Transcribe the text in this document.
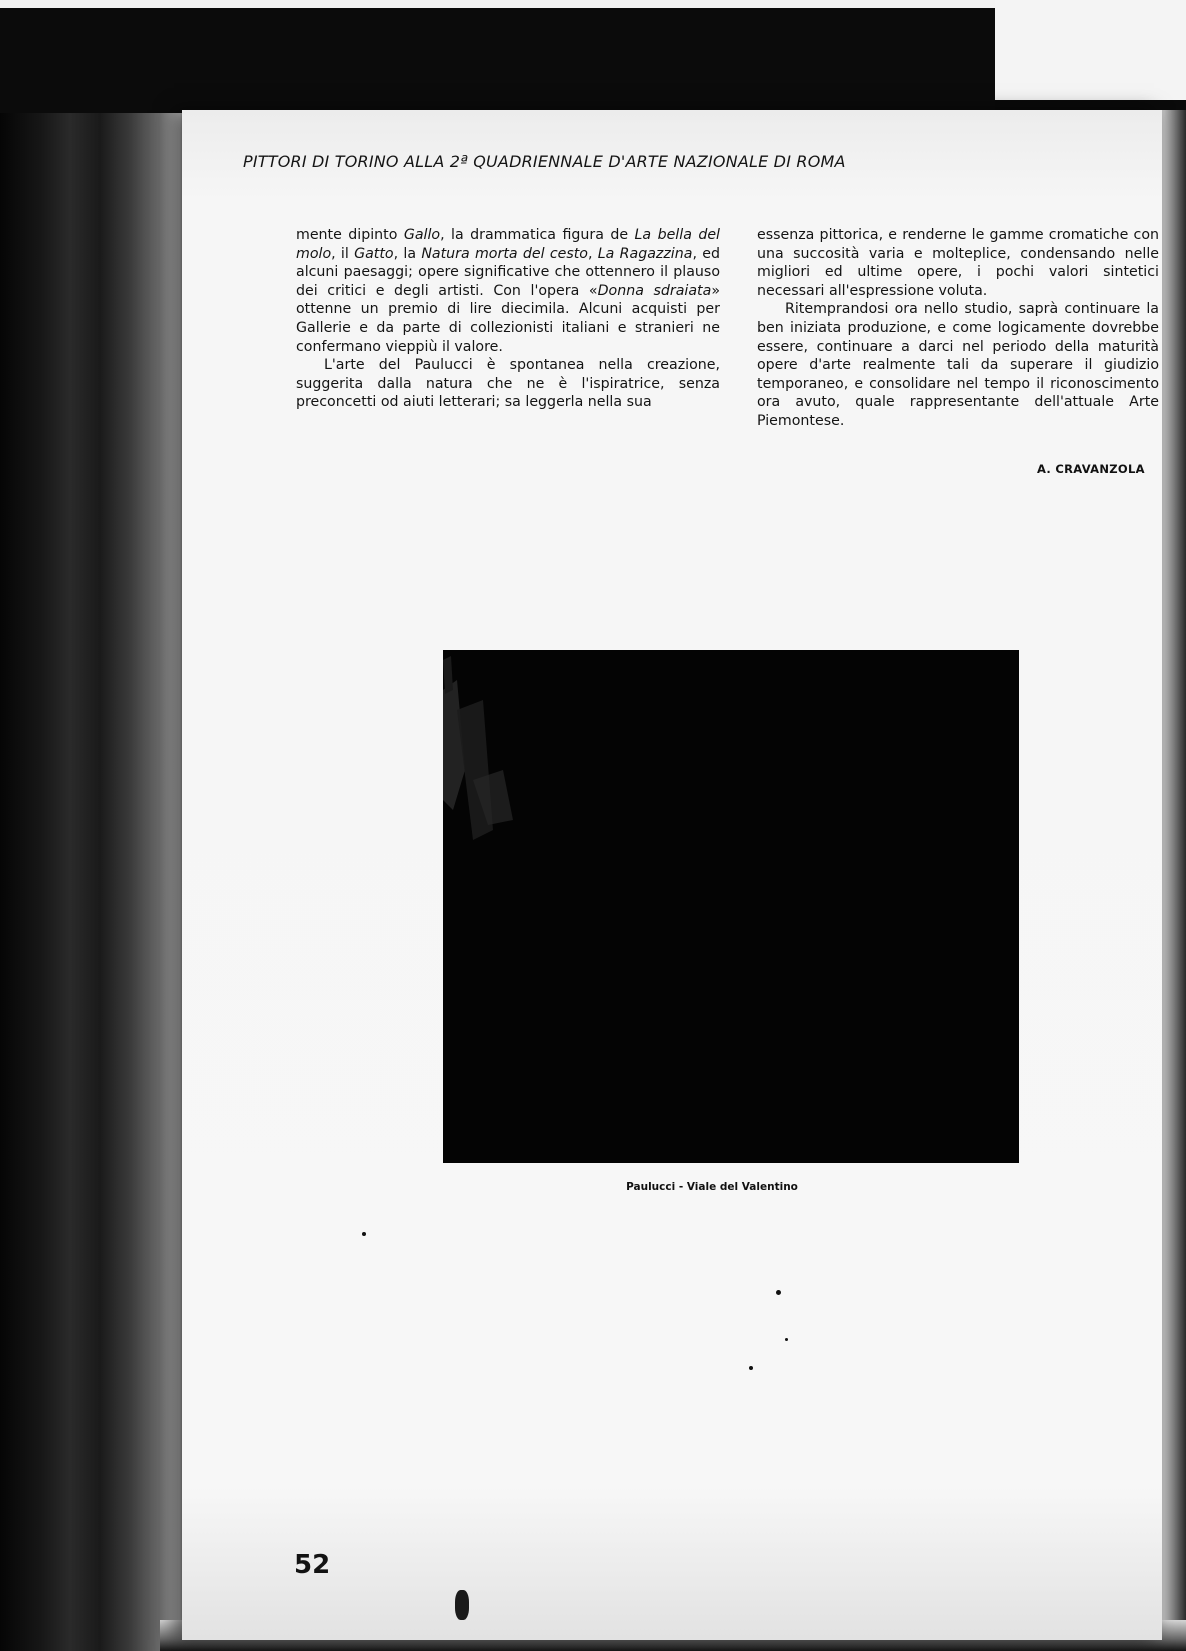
PITTORI DI TORINO ALLA 2ª QUADRIENNALE D'ARTE NAZIONALE DI ROMA

mente dipinto Gallo, la drammatica figura de La bella del molo, il Gatto, la Natura morta del cesto, La Ragazzina, ed alcuni paesaggi; opere significative che ottennero il plauso dei critici e degli artisti. Con l'opera «Donna sdraiata» ottenne un premio di lire diecimila. Alcuni acquisti per Gallerie e da parte di collezionisti italiani e stranieri ne confermano vieppiù il valore.

L'arte del Paulucci è spontanea nella creazione, suggerita dalla natura che ne è l'ispiratrice, senza preconcetti od aiuti letterari; sa leggerla nella sua

essenza pittorica, e renderne le gamme cromatiche con una succosità varia e molteplice, condensando nelle migliori ed ultime opere, i pochi valori sintetici necessari all'espressione voluta.

Ritemprandosi ora nello studio, saprà continuare la ben iniziata produzione, e come logicamente dovrebbe essere, continuare a darci nel periodo della maturità opere d'arte realmente tali da superare il giudizio temporaneo, e consolidare nel tempo il riconoscimento ora avuto, quale rappresentante dell'attuale Arte Piemontese.

A. CRAVANZOLA
Paulucci - Viale del Valentino
52
